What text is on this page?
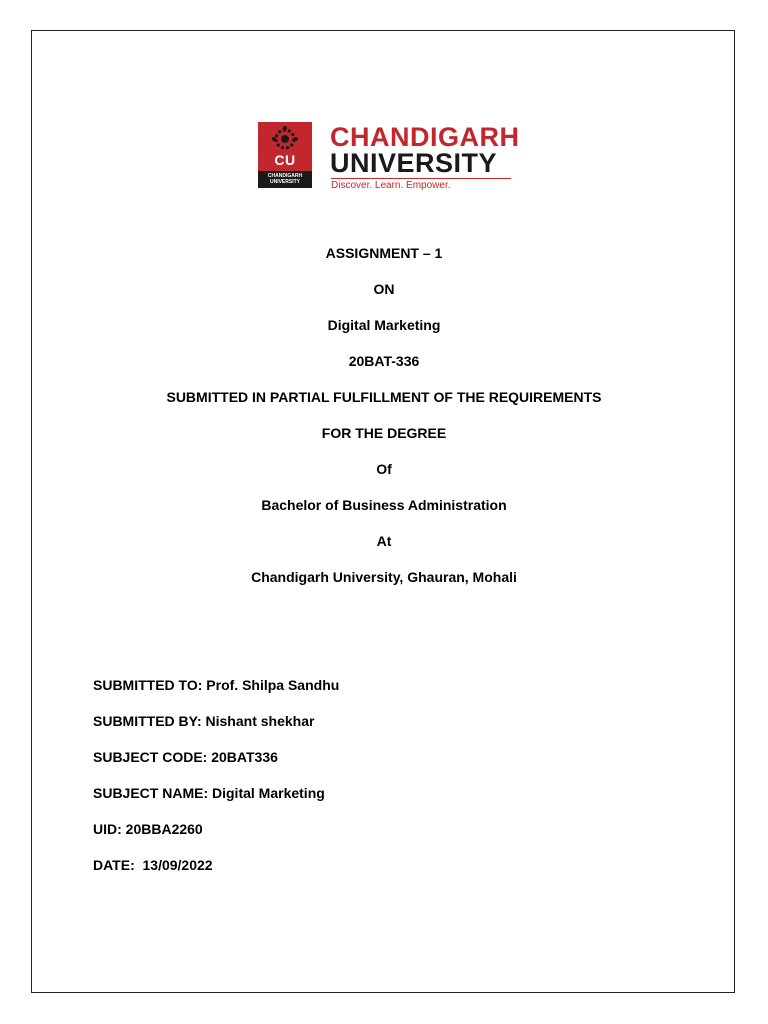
CU
CHANDIGARH UNIVERSITY
CHANDIGARH
UNIVERSITY
Discover. Learn. Empower.
ASSIGNMENT – 1
ON
Digital Marketing
20BAT-336
SUBMITTED IN PARTIAL FULFILLMENT OF THE REQUIREMENTS
FOR THE DEGREE
Of
Bachelor of Business Administration
At
Chandigarh University, Ghauran, Mohali
SUBMITTED TO: Prof. Shilpa Sandhu
SUBMITTED BY: Nishant shekhar
SUBJECT CODE: 20BAT336
SUBJECT NAME: Digital Marketing
UID: 20BBA2260
DATE:  13/09/2022
